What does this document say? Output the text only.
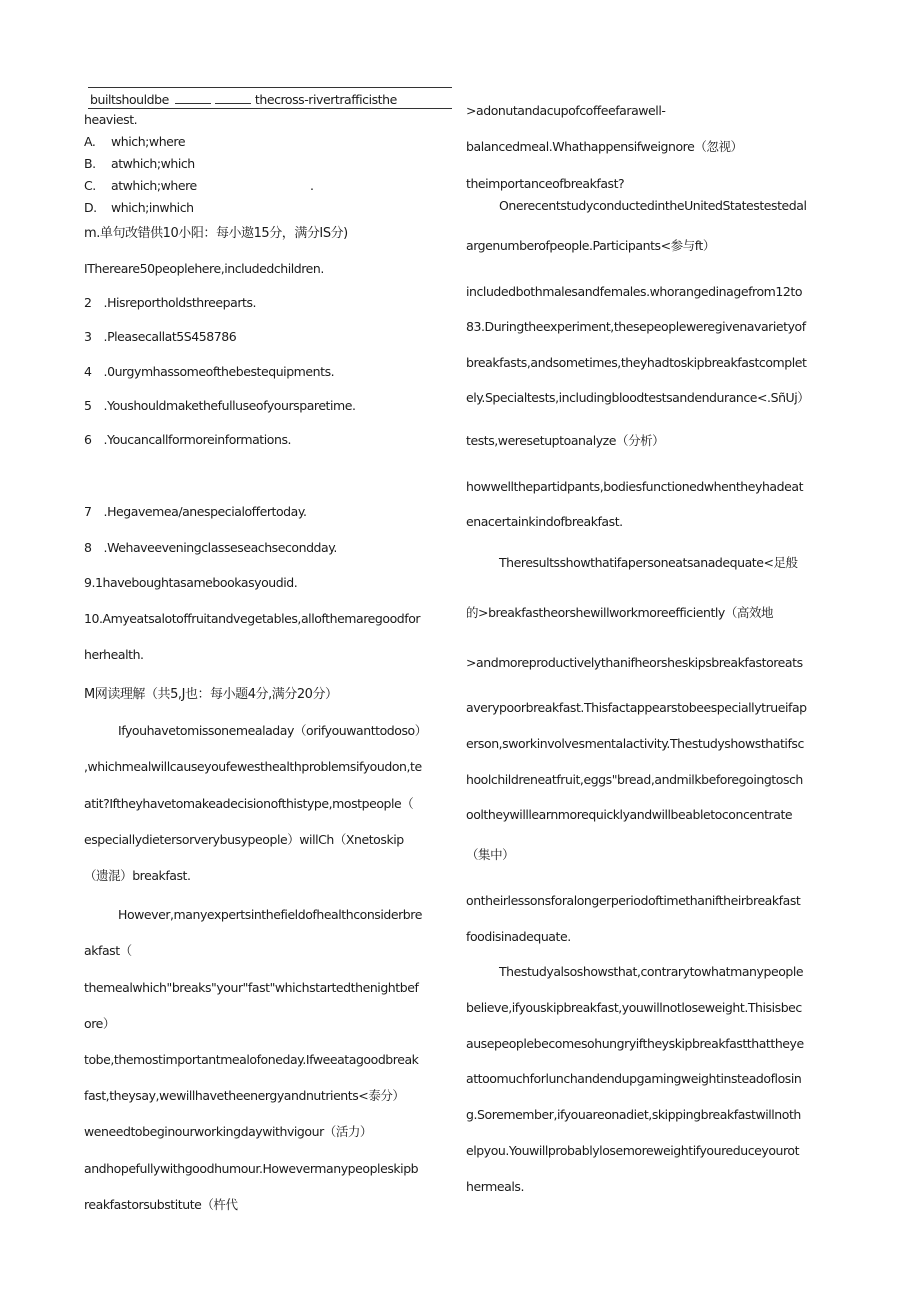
builtshouldbe	thecross-rivertrafficisthe
heaviest.
A. which;where
B. atwhich;which
C. atwhich;where	.
D. which;inwhich
m.单句改错供10小阳：每小遨15分，满分IS分)
IThereare50peoplehere,includedchildren.
2 .Hisreportholdsthreeparts.
3 .Pleasecallat5S458786
4 .0urgymhassomeofthebestequipments.
5 .Youshouldmakethefulluseofyoursparetime.
6 .Youcancallformoreinformations.
7 .Hegavemea/anespecialoffertoday.
8 .Wehaveeveningclasseseachsecondday.
9.1haveboughtasamebookasyoudid.
10.Amyeatsalotoffruitandvegetables,allofthemaregoodfor
herhealth.
M网读理解（共5,J也：每小题4分,满分20分）
Ifyouhavetomissonemealaday（orifyouwanttodoso）
,whichmealwillcauseyoufewesthealthproblemsifyoudon,te
atit?Iftheyhavetomakeadecisionofthistype,mostpeople（
especiallydietersorverybusypeople）willCh（Xnetoskip
（遗混）breakfast.
However,manyexpertsinthefieldofhealthconsiderbre
akfast（
themealwhich"breaks"your"fast"whichstartedthenightbef
ore）
tobe,themostimportantmealofoneday.Ifweeatagoodbreak
fast,theysay,wewillhavetheenergyandnutrients<泰分）
weneedtobeginourworkingdaywithvigour（活力）
andhopefullywithgoodhumour.Howevermanypeopleskipb
reakfastorsubstitute（杵代
>adonutandacupofcoffeefarawell-
balancedmeal.Whathappensifweignore（忽视）
theimportanceofbreakfast?
OnerecentstudyconductedintheUnitedStatestestedal
argenumberofpeople.Participants<参与ft）
includedbothmalesandfemales.whorangedinagefrom12to
83.Duringtheexperiment,thesepeopleweregivenavarietyof
breakfasts,andsometimes,theyhadtoskipbreakfastcomplet
ely.Specialtests,includingbloodtestsandendurance<.SñUj）
tests,weresetuptoanalyze（分析）
howwellthepartidpants,bodiesfunctionedwhentheyhadeat
enacertainkindofbreakfast.
Theresultsshowthatifapersoneatsanadequate<足般
的>breakfastheorshewillworkmoreefficiently（高效地
>andmoreproductivelythanifheorsheskipsbreakfastoreats
averypoorbreakfast.Thisfactappearstobeespeciallytrueifap
erson,sworkinvolvesmentalactivity.Thestudyshowsthatifsc
hoolchildreneatfruit,eggs"bread,andmilkbeforegoingtosch
ooltheywilllearnmorequicklyandwillbeabletoconcentrate
（集中）
ontheirlessonsforalongerperiodoftimethaniftheirbreakfast
foodisinadequate.
Thestudyalsoshowsthat,contrarytowhatmanypeople
believe,ifyouskipbreakfast,youwillnotloseweight.Thisisbec
ausepeoplebecomesohungryiftheyskipbreakfastthattheye
attoomuchforlunchandendupgamingweightinsteadoflosin
g.Soremember,ifyouareonadiet,skippingbreakfastwillnoth
elpyou.Youwillprobablylosemoreweightifyoureduceyourot
hermeals.
